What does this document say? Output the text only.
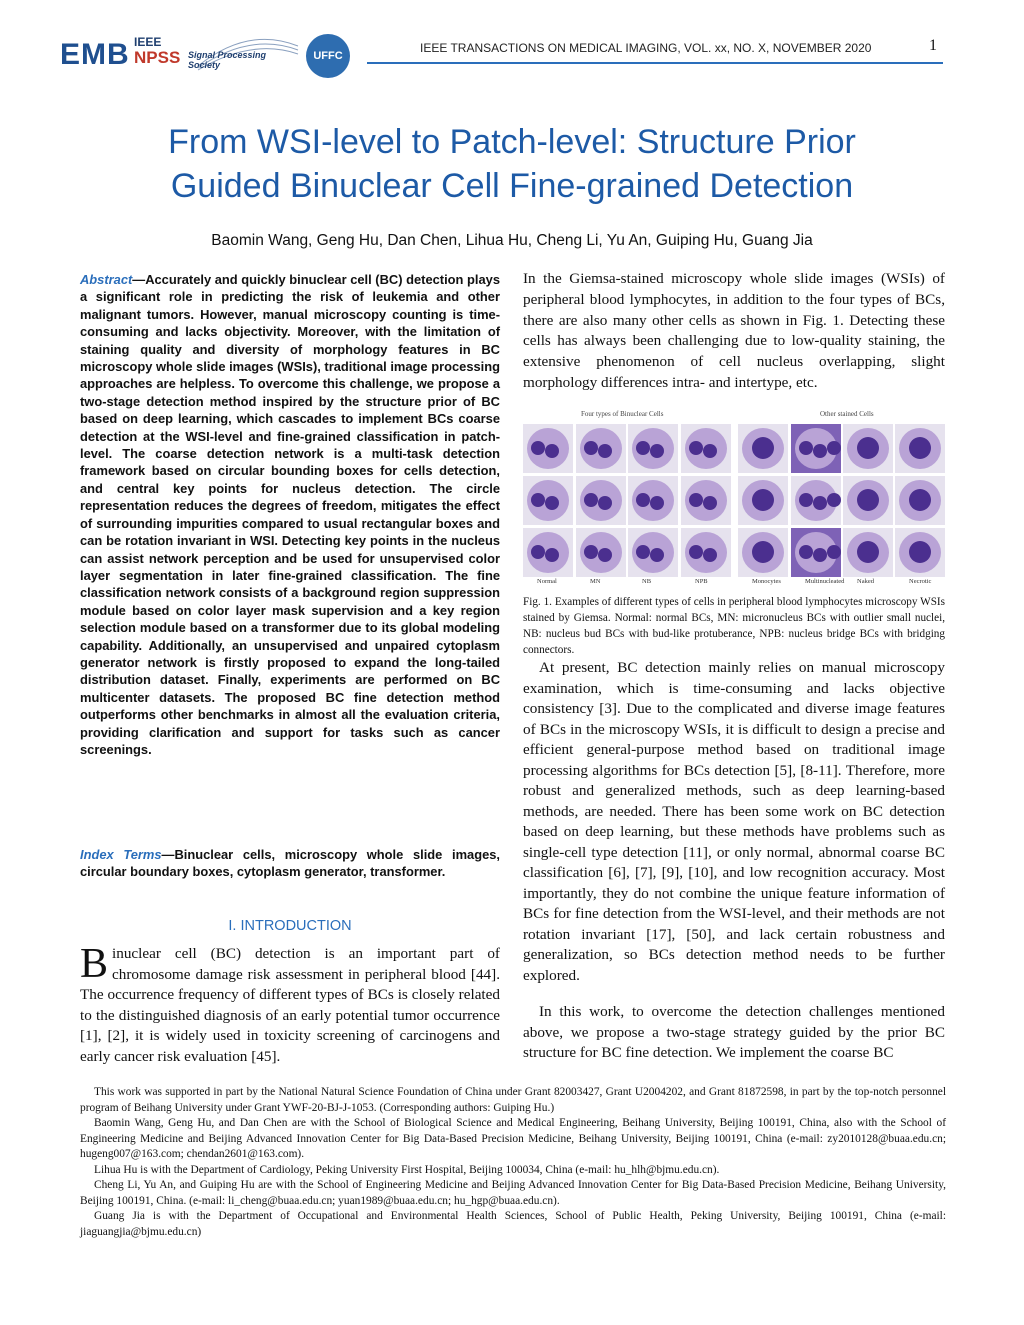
EMB IEEE
NPSS Signal Processing Society
UFFC
IEEE TRANSACTIONS ON MEDICAL IMAGING, VOL. xx, NO. X, NOVEMBER 2020	1
From WSI-level to Patch-level: Structure Prior
Guided Binuclear Cell Fine-grained Detection
Baomin Wang, Geng Hu, Dan Chen, Lihua Hu, Cheng Li, Yu An, Guiping Hu, Guang Jia
Abstract—Accurately and quickly binuclear cell (BC) detection plays a significant role in predicting the risk of leukemia and other malignant tumors. However, manual microscopy counting is time-consuming and lacks objectivity. Moreover, with the limitation of staining quality and diversity of morphology features in BC microscopy whole slide images (WSIs), traditional image processing approaches are helpless. To overcome this challenge, we propose a two-stage detection method inspired by the structure prior of BC based on deep learning, which cascades to implement BCs coarse detection at the WSI-level and fine-grained classification in patch-level. The coarse detection network is a multi-task detection framework based on circular bounding boxes for cells detection, and central key points for nucleus detection. The circle representation reduces the degrees of freedom, mitigates the effect of surrounding impurities compared to usual rectangular boxes and can be rotation invariant in WSI. Detecting key points in the nucleus can assist network perception and be used for unsupervised color layer segmentation in later fine-grained classification. The fine classification network consists of a background region suppression module based on color layer mask supervision and a key region selection module based on a transformer due to its global modeling capability. Additionally, an unsupervised and unpaired cytoplasm generator network is firstly proposed to expand the long-tailed distribution dataset. Finally, experiments are performed on BC multicenter datasets. The proposed BC fine detection method outperforms other benchmarks in almost all the evaluation criteria, providing clarification and support for tasks such as cancer screenings.
Index Terms—Binuclear cells, microscopy whole slide images, circular boundary boxes, cytoplasm generator, transformer.
I. INTRODUCTION
Binuclear cell (BC) detection is an important part of chromosome damage risk assessment in peripheral blood [44]. The occurrence frequency of different types of BCs is closely related to the distinguished diagnosis of an early potential tumor occurrence [1], [2], it is widely used in toxicity screening of carcinogens and early cancer risk evaluation [45].

In the Giemsa-stained microscopy whole slide images (WSIs) of peripheral blood lymphocytes, in addition to the four types of BCs, there are also many other cells as shown in Fig. 1. Detecting these cells has always been challenging due to low-quality staining, the extensive phenomenon of cell nucleus overlapping, slight morphology differences intra- and intertype, etc.

Four types of Binuclear Cells	Other stained Cells
Normal	MN	NB	NPB	Monocytes	Multinucleated Naked	Necrotic

Fig. 1. Examples of different types of cells in peripheral blood lymphocytes microscopy WSIs stained by Giemsa. Normal: normal BCs, MN: micronucleus BCs with outlier small nuclei, NB: nucleus bud BCs with bud-like protuberance, NPB: nucleus bridge BCs with bridging connectors.

At present, BC detection mainly relies on manual microscopy examination, which is time-consuming and lacks objective consistency [3]. Due to the complicated and diverse image features of BCs in the microscopy WSIs, it is difficult to design a precise and efficient general-purpose method based on traditional image processing algorithms for BCs detection [5], [8-11]. Therefore, more robust and generalized methods, such as deep learning-based methods, are needed. There has been some work on BC detection based on deep learning, but these methods have problems such as single-cell type detection [11], or only normal, abnormal coarse BC classification [6], [7], [9], [10], and low recognition accuracy. Most importantly, they do not combine the unique feature information of BCs for fine detection from the WSI-level, and their methods are not rotation invariant [17], [50], and lack certain robustness and generalization, so BCs detection method needs to be further explored.

In this work, to overcome the detection challenges mentioned above, we propose a two-stage strategy guided by the prior BC structure for BC fine detection. We implement the coarse BC

This work was supported in part by the National Natural Science Foundation of China under Grant 82003427, Grant U2004202, and Grant 81872598, in part by the top-notch personnel program of Beihang University under Grant YWF-20-BJ-J-1053. (Corresponding authors: Guiping Hu.)

Baomin Wang, Geng Hu, and Dan Chen are with the School of Biological Science and Medical Engineering, Beihang University, Beijing 100191, China, also with the School of Engineering Medicine and Beijing Advanced Innovation Center for Big Data-Based Precision Medicine, Beihang University, Beijing 100191, China (e-mail: zy2010128@buaa.edu.cn; hugeng007@163.com; chendan2601@163.com).

Lihua Hu is with the Department of Cardiology, Peking University First Hospital, Beijing 100034, China (e-mail: hu_hlh@bjmu.edu.cn).

Cheng Li, Yu An, and Guiping Hu are with the School of Engineering Medicine and Beijing Advanced Innovation Center for Big Data-Based Precision Medicine, Beihang University, Beijing 100191, China. (e-mail: li_cheng@buaa.edu.cn; yuan1989@buaa.edu.cn; hu_hgp@buaa.edu.cn).

Guang Jia is with the Department of Occupational and Environmental Health Sciences, School of Public Health, Peking University, Beijing 100191, China (e-mail: jiaguangjia@bjmu.edu.cn)
